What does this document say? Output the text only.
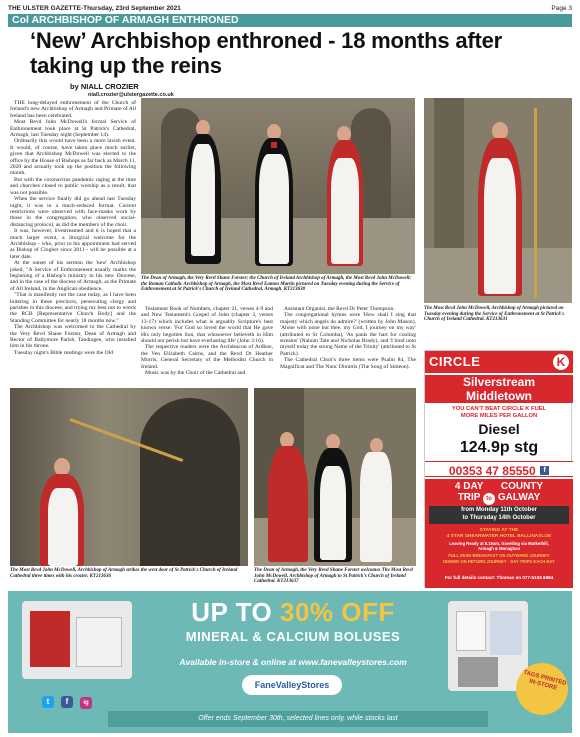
THE ULSTER GAZETTE-Thursday, 23rd September 2021	Page 3
Col ARCHBISHOP OF ARMAGH ENTHRONED
‘New’ Archbishop enthroned - 18 months after taking up the reins
by NIALL CROZIER
niall.crozier@ulstergazette.co.uk

THE long-delayed enthronement of the Church of Ireland's new Archbishop of Armagh and Primate of All Ireland has been celebrated.

Most Revd John McDowell's formal Service of Enthronement took place at St Patrick's Cathedral, Armagh, last Tuesday night (September 14).

Ordinarily this would have been a more lavish event. It would, of course, have taken place much earlier, given that Archbishop McDowell was elected to the office by the House of Bishops as far back as March 11, 2020 and actually took up the position the following month.

But with the coronavirus pandemic raging at the time and churches closed to public worship as a result, that was not possible.

When the service finally did go ahead last Tuesday night, it was in a much-reduced format. Current restrictions were observed with face-masks worn by those in the congregation, who observed social-distancing protocol, as did the members of the choir.

It was, however, livestreamed and it is hoped that a much larger event, a liturgical welcome for the Archbishop - who, prior to his appointment had served as Bishop of Clogher since 2011 - will be possible at a later date.

At the outset of his sermon the 'new' Archbishop joked, "A Service of Enthronement usually marks the beginning of a Bishop's ministry in his new Diocese, and in the case of the diocese of Armagh, as the Primate of All Ireland, in the Anglican obedience.

"That is manifestly not the case today, as I have been loitering in these precincts, persecuting clergy and parishes in this diocese, and trying my best not to wreck the RCB [Representative Church Body] and the Standing Committee for nearly 18 months now."

The Archbishop was welcomed to the Cathedral by the Very Revd Shane Forster, Dean of Armagh and Rector of Ballymore Parish, Tandragee, who installed him in his throne.

Tuesday night's Bible readings were the Old

The Dean of Armagh, the Very Revd Shane Forster; the Church of Ireland Archbishop of Armagh, the Most Revd John McDowell; the Roman Catholic Archbishop of Armagh, the Most Revd Eamon Martin pictured on Tuesday evening during the Service of Enthronement at St Patrick's Church of Ireland Cathedral, Armagh. KT213630
The Most Revd John McDowell, Archbishop of Armagh pictured on Tuesday evening during the Service of Enthronement at St Patrick's Church of Ireland Cathedral. KT213631

Testament Book of Numbers, chapter 21, verses 4-9 and and New Testament's Gospel of John (chapter 3, verses 13-17) which includes what is arguably Scripture's best known verse: 'For God so loved the world that He gave His only begotten Son, that whosoever believeth in Him should not perish but have everlasting life' (John 3:16).

The respective readers were the Archdeacon of Ardboe, the Ven Elizabeth Cairns, and the Revd Dr Heather Morris, General Secretary of the Methodist Church in Ireland.

Music was by the Choir of the Cathedral and

Assistant Organist, the Revd Dr Peter Thompson.

The congregational hymns were 'How shall I sing that majesty which angels do admire?' (written by John Mason), 'Alone with none but thee, my God, I journey on my way' (attributed to St Columba), 'As pants the hart for cooling streams' (Nahum Tate and Nicholas Brady), and 'I bind unto myself today the strong Name of the Trinity' (attributed to St Patrick).

The Cathedral Choir's three items were Psalm 84, The Magnificat and The Nunc Dimittis (The Song of Simeon).

The Most Revd John McDowell, Archbishop of Armagh strikes the west door of St Patrick's Church of Ireland Cathedral three times with his crozier. KT213636
The Dean of Armagh, the Very Revd Shane Forster welcomes The Most Revd John McDowell, Archbishop of Armagh to St Patrick's Church of Ireland Cathedral. KT213637
CIRCLE	K
Silverstream
Middletown
YOU CAN'T BEAT CIRCLE K FUEL
MORE MILES PER GALLON
Diesel
124.9p stg
00353 47 85550 f
4 DAY COUNTY
TRIP to GALWAY
from Monday 11th October
to Thursday 14th October
STAYING AT THE
4 STAR SHEARWATER HOTEL BALLINASLOE
Leaving Ready at 8.15am, travelling via Markethill,
Armagh & Monaghan
FULL IRISH BREAKFAST ON OUTWARD JOURNEY
DINNER ON RETURN JOURNEY · DAY TRIPS EACH DAY
For full details contact: Thomas on 077-5109 6984
UP TO 30% OFF
MINERAL & CALCIUM BOLUSES
Available in-store & online at www.fanevalleystores.com
FaneValleyStores
t f	ig
Offer ends September 30th, selected lines only, while stocks last
TAGS PRINTED IN-STORE
